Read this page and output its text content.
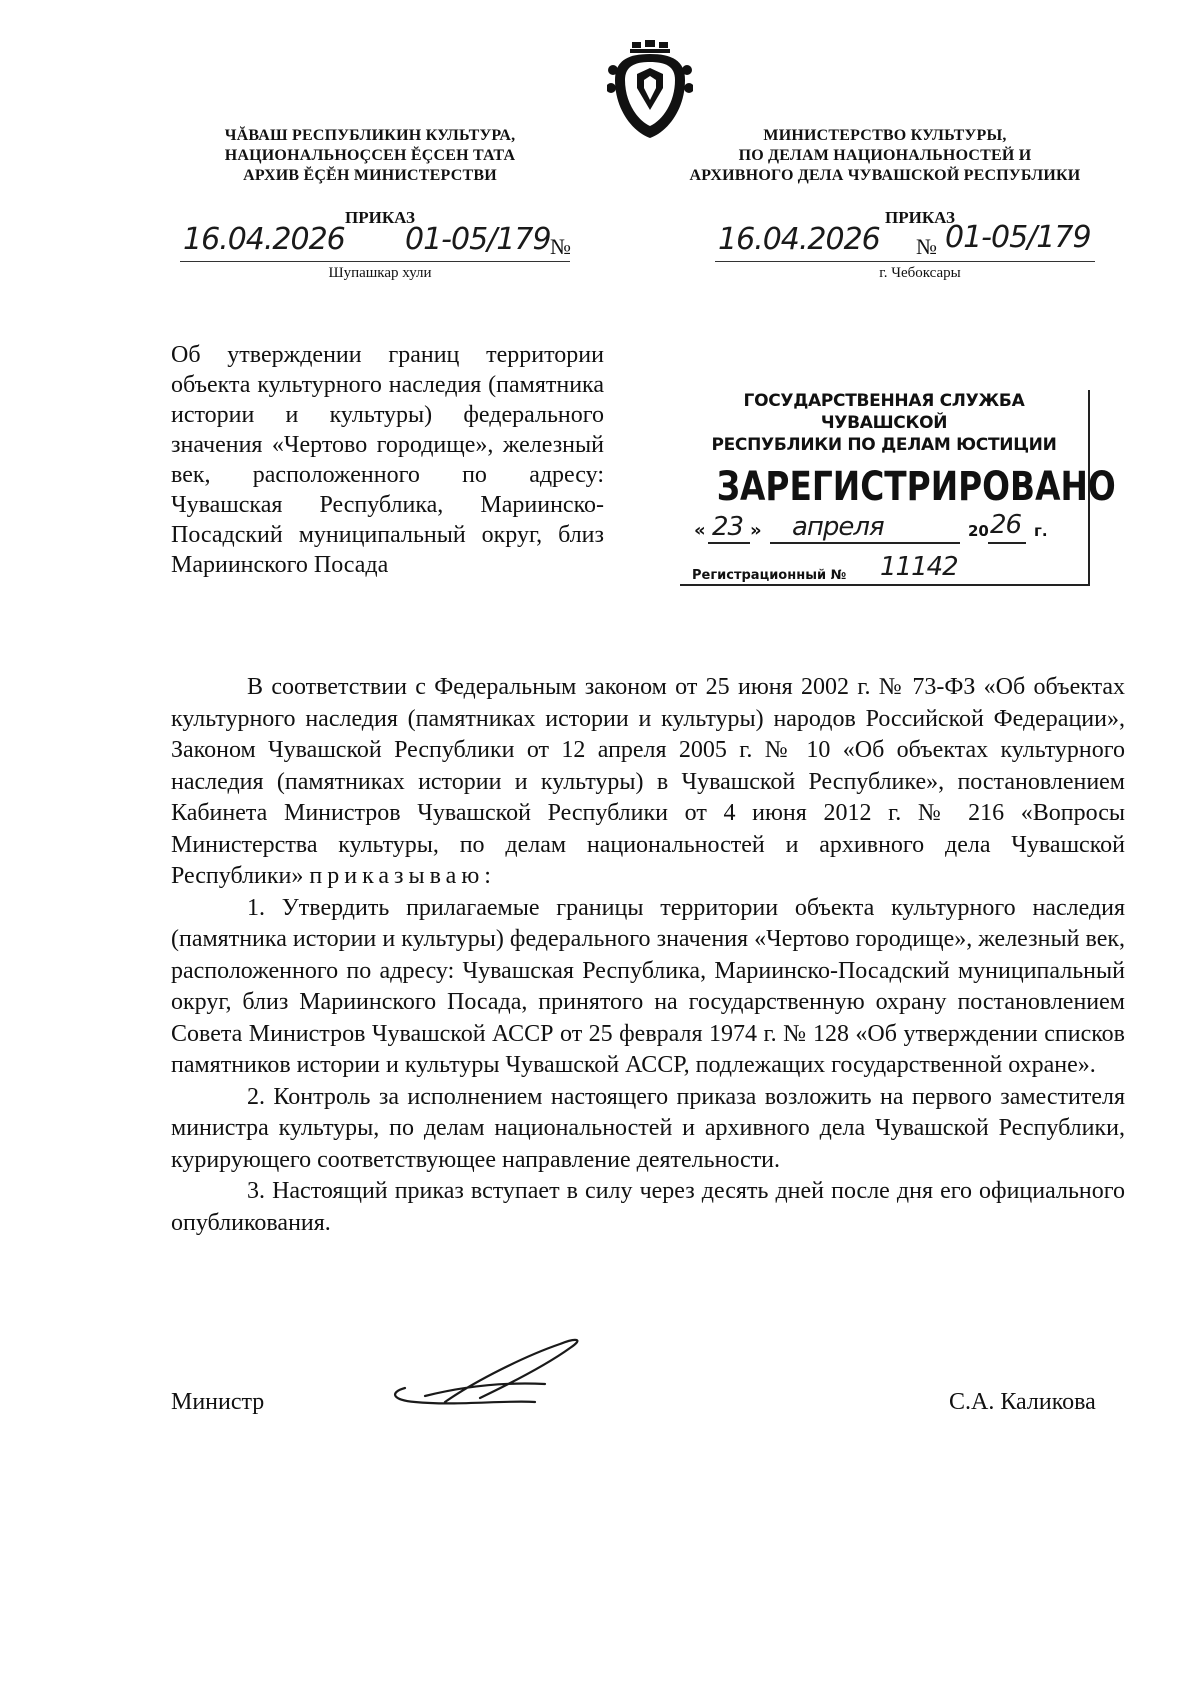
ЧĂВАШ РЕСПУБЛИКИН КУЛЬТУРА,
НАЦИОНАЛЬНОÇСЕН ĔÇСЕН ТАТА
АРХИВ ĔÇĔН МИНИСТЕРСТВИ
МИНИСТЕРСТВО КУЛЬТУРЫ,
ПО ДЕЛАМ НАЦИОНАЛЬНОСТЕЙ И
АРХИВНОГО ДЕЛА ЧУВАШСКОЙ РЕСПУБЛИКИ
ПРИКАЗ
16.04.2026 01-05/179 №
Шупашкар хули
ПРИКАЗ
16.04.2026 № 01-05/179
г. Чебоксары
Об утверждении границ территории объекта культурного наследия (памятника истории и культуры) федерального значения «Чертово городище», железный век, расположенного по адресу: Чувашская Республика, Мариинско-Посадский муниципальный округ, близ Мариинского Посада
ГОСУДАРСТВЕННАЯ СЛУЖБА ЧУВАШСКОЙ
РЕСПУБЛИКИ ПО ДЕЛАМ ЮСТИЦИИ
ЗАРЕГИСТРИРОВАНО
« 23 » апреля	20 26 г.
Регистрационный № 11142

В соответствии с Федеральным законом от 25 июня 2002 г. № 73-ФЗ «Об объектах культурного наследия (памятниках истории и культуры) народов Российской Федерации», Законом Чувашской Республики от 12 апреля 2005 г. № 10 «Об объектах культурного наследия (памятниках истории и культуры) в Чувашской Республике», постановлением Кабинета Министров Чувашской Республики от 4 июня 2012 г. № 216 «Вопросы Министерства культуры, по делам национальностей и архивного дела Чувашской Республики» приказываю:

1. Утвердить прилагаемые границы территории объекта культурного наследия (памятника истории и культуры) федерального значения «Чертово городище», железный век, расположенного по адресу: Чувашская Республика, Мариинско-Посадский муниципальный округ, близ Мариинского Посада, принятого на государственную охрану постановлением Совета Министров Чувашской АССР от 25 февраля 1974 г. № 128 «Об утверждении списков памятников истории и культуры Чувашской АССР, подлежащих государственной охране».

2. Контроль за исполнением настоящего приказа возложить на первого заместителя министра культуры, по делам национальностей и архивного дела Чувашской Республики, курирующего соответствующее направление деятельности.

3. Настоящий приказ вступает в силу через десять дней после дня его официального опубликования.

Министр	С.А. Каликова
